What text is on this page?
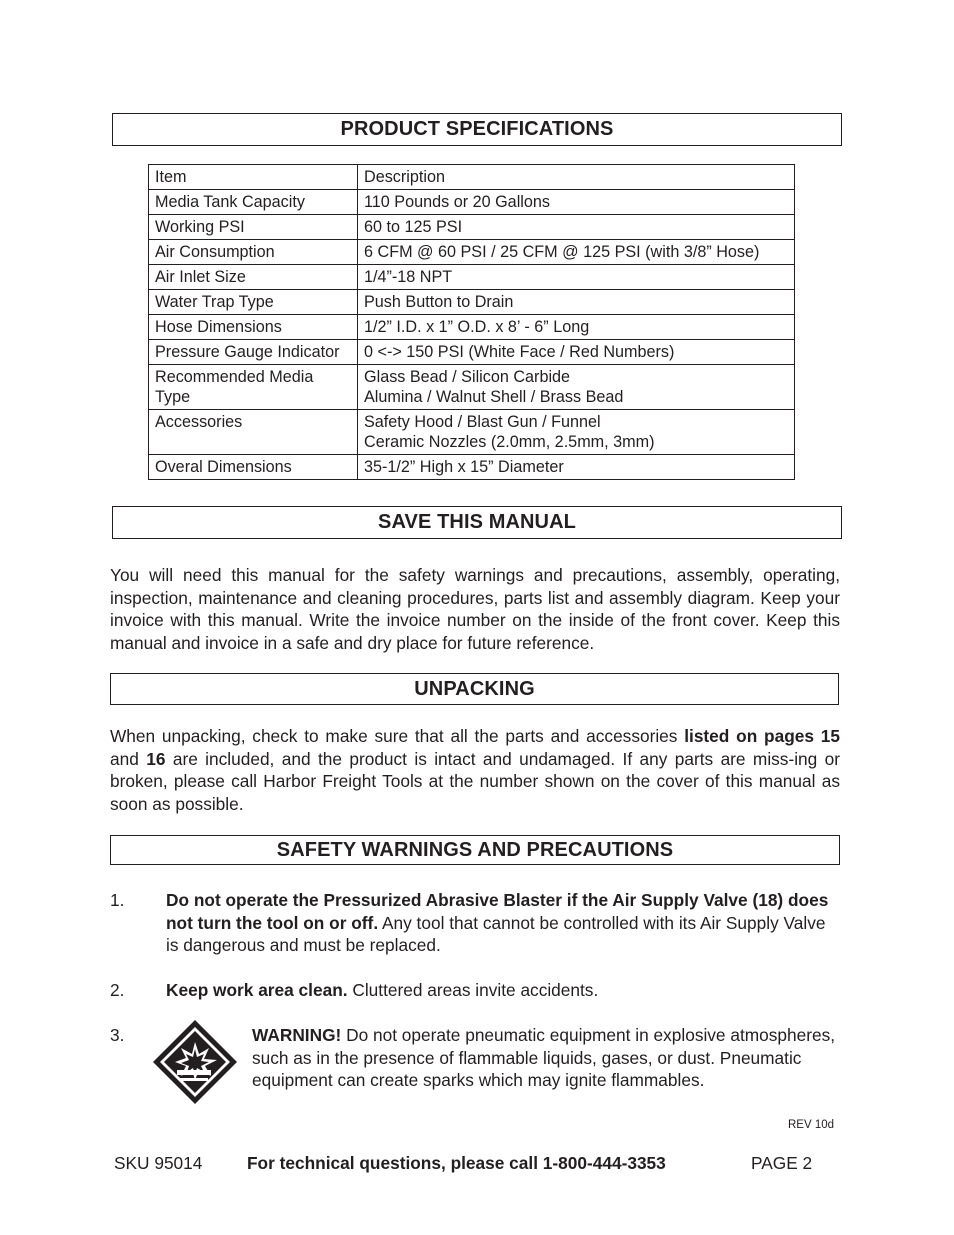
PRODUCT SPECIFICATIONS
Item	Description
Media Tank Capacity	110 Pounds or 20 Gallons
Working PSI	60 to 125 PSI
Air Consumption	6 CFM @ 60 PSI / 25 CFM @ 125 PSI (with 3/8” Hose)
Air Inlet Size	1/4”-18 NPT
Water Trap Type	Push Button to Drain
Hose Dimensions	1/2” I.D. x 1” O.D. x 8’ - 6” Long
Pressure Gauge Indicator	0 <-> 150 PSI (White Face / Red Numbers)
Recommended Media Type	Glass Bead / Silicon Carbide
Alumina / Walnut Shell / Brass Bead

Accessories	Safety Hood / Blast Gun / Funnel
Ceramic Nozzles (2.0mm, 2.5mm, 3mm)

Overal Dimensions	35-1/2” High x 15” Diameter
SAVE THIS MANUAL
You will need this manual for the safety warnings and precautions, assembly, operating, inspection, maintenance and cleaning procedures, parts list and assembly diagram. Keep your invoice with this manual. Write the invoice number on the inside of the front cover. Keep this manual and invoice in a safe and dry place for future reference.
UNPACKING
When unpacking, check to make sure that all the parts and accessories listed on pages 15 and 16 are included, and the product is intact and undamaged. If any parts are miss-ing or broken, please call Harbor Freight Tools at the number shown on the cover of this manual as soon as possible.
SAFETY WARNINGS AND PRECAUTIONS
1. Do not operate the Pressurized Abrasive Blaster if the Air Supply Valve (18) does not turn the tool on or off. Any tool that cannot be controlled with its Air Supply Valve is dangerous and must be replaced.
2. Keep work area clean. Cluttered areas invite accidents.
3.	WARNING! Do not operate pneumatic equipment in explosive atmospheres, such as in the presence of flammable liquids, gases, or dust. Pneumatic equipment can create sparks which may ignite flammables.
REV 10d
SKU 95014	For technical questions, please call 1-800-444-3353	PAGE 2
